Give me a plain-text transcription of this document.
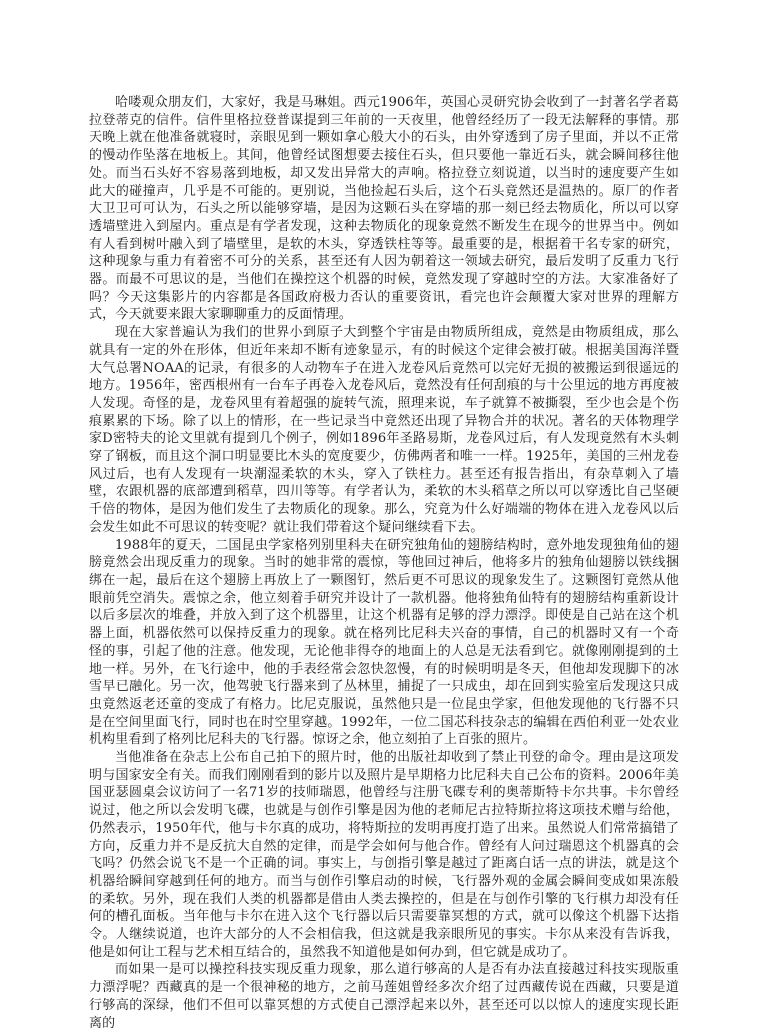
哈喽观众朋友们，大家好，我是马琳姐。西元1906年，英国心灵研究协会收到了一封著名学者葛拉登蒂克的信件。信件里格拉登普谋提到三年前的一天夜里，他曾经经历了一段无法解释的事情。那天晚上就在他准备就寝时，亲眼见到一颗如拿心般大小的石头，由外穿透到了房子里面，并以不正常的慢动作坠落在地板上。其间，他曾经试图想要去接住石头，但只要他一靠近石头，就会瞬间移往他处。而当石头好不容易落到地板，却又发出异常大的声响。格拉登立刻说道，以当时的速度要产生如此大的碰撞声，几乎是不可能的。更别说，当他捡起石头后，这个石头竟然还是温热的。原厂的作者大卫卫可可认为，石头之所以能够穿墙，是因为这颗石头在穿墙的那一刻已经去物质化，所以可以穿透墙壁进入到屋内。重点是有学者发现，这种去物质化的现象竟然不断发生在现今的世界当中。例如有人看到树叶融入到了墙壁里，是软的木头，穿透铁柱等等。最重要的是，根据着干名专家的研究，这种现象与重力有着密不可分的关系，甚至还有人因为朝着这一领域去研究，最后发明了反重力飞行器。而最不可思议的是，当他们在操控这个机器的时候，竟然发现了穿越时空的方法。大家准备好了吗？今天这集影片的内容都是各国政府极力否认的重要资讯，看完也许会颠覆大家对世界的理解方式，今天就要来跟大家聊聊重力的反面情理。

现在大家普遍认为我们的世界小到原子大到整个宇宙是由物质所组成，竟然是由物质组成，那么就具有一定的外在形体，但近年来却不断有迹象显示，有的时候这个定律会被打破。根据美国海洋暨大气总署NOAA的记录，有很多的人动物车子在进入龙卷风后竟然可以完好无损的被搬运到很遥远的地方。1956年，密西根州有一台车子再卷入龙卷风后，竟然没有任何刮痕的与十公里远的地方再度被人发现。奇怪的是，龙卷风里有着超强的旋转气流，照理来说，车子就算不被撕裂，至少也会是个伤痕累累的下场。除了以上的情形，在一些记录当中竟然还出现了异物合并的状况。著名的天体物理学家D密特夫的论文里就有提到几个例子，例如1896年圣路易斯，龙卷风过后，有人发现竟然有木头刺穿了钢板，而且这个洞口明显要比木头的宽度要少，仿佛两者和唯一一样。1925年，美国的三州龙卷风过后，也有人发现有一块潮湿柔软的木头，穿入了铁柱力。甚至还有报告指出，有杂草刺入了墙壁，农跟机器的底部遭到稻草，四川等等。有学者认为，柔软的木头稻草之所以可以穿透比自己坚硬千倍的物体，是因为他们发生了去物质化的现象。那么，究竟为什么好端端的物体在进入龙卷风以后会发生如此不可思议的转变呢？就让我们带着这个疑问继续看下去。

1988年的夏天，二国昆虫学家格列别里科夫在研究独角仙的翅膀结构时，意外地发现独角仙的翅膀竟然会出现反重力的现象。当时的她非常的震惊，等他回过神后，他将多片的独角仙翅膀以铁线捆绑在一起，最后在这个翅膀上再放上了一颗图钉，然后更不可思议的现象发生了。这颗图钉竟然从他眼前凭空消失。震惊之余，他立刻着手研究并设计了一款机器。他将独角仙特有的翅膀结构重新设计以后多层次的堆叠，并放入到了这个机器里，让这个机器有足够的浮力漂浮。即使是自己站在这个机器上面，机器依然可以保持反重力的现象。就在格列比尼科夫兴奋的事情，自己的机器时又有一个奇怪的事，引起了他的注意。他发现，无论他非得夺的地面上的人总是无法看到它。就像刚刚提到的土地一样。另外，在飞行途中，他的手表经常会忽快忽慢，有的时候明明是冬天，但他却发现脚下的冰雪早已融化。另一次，他驾驶飞行器来到了丛林里，捕捉了一只成虫，却在回到实验室后发现这只成虫竟然返老还童的变成了有格力。比尼克服说，虽然他只是一位昆虫学家，但他发现他的飞行器不只是在空间里面飞行，同时也在时空里穿越。1992年，一位二国芯科技杂志的编辑在西伯利亚一处农业机构里看到了格列比尼科夫的飞行器。惊讶之余，他立刻拍了上百张的照片。

当他准备在杂志上公布自己拍下的照片时，他的出版社却收到了禁止刊登的命令。理由是这项发明与国家安全有关。而我们刚刚看到的影片以及照片是早期格力比尼科夫自己公布的资料。2006年美国亚瑟圆桌会议访问了一名71岁的技师瑞恩，他曾经与注册飞碟专利的奥蒂斯特卡尔共事。卡尔曾经说过，他之所以会发明飞碟，也就是与创作引擎是因为他的老师尼古拉特斯拉将这项技术赠与给他，仍然表示，1950年代，他与卡尔真的成功，将特斯拉的发明再度打造了出来。虽然说人们常常搞错了方向，反重力并不是反抗大自然的定律，而是学会如何与他合作。曾经有人问过瑞恩这个机器真的会飞吗？仍然会说飞不是一个正确的词。事实上，与创指引擎是越过了距离白话一点的讲法，就是这个机器给瞬间穿越到任何的地方。而当与创作引擎启动的时候，飞行器外观的金属会瞬间变成如果冻般的柔软。另外，现在我们人类的机器都是借由人类去操控的，但是在与创作引擎的飞行棋力却没有任何的槽孔面板。当年他与卡尔在进入这个飞行器以后只需要靠冥想的方式，就可以像这个机器下达指令。人继续说道，也许大部分的人不会相信我，但这就是我亲眼所见的事实。卡尔从来没有告诉我，他是如何让工程与艺术相互结合的，虽然我不知道他是如何办到，但它就是成功了。

而如果一是可以操控科技实现反重力现象，那么道行够高的人是否有办法直接越过科技实现版重力漂浮呢？西藏真的是一个很神秘的地方，之前马莲姐曾经多次介绍了过西藏传说在西藏，只要是道行够高的深绿，他们不但可以靠冥想的方式使自己漂浮起来以外，甚至还可以以惊人的速度实现长距离的
